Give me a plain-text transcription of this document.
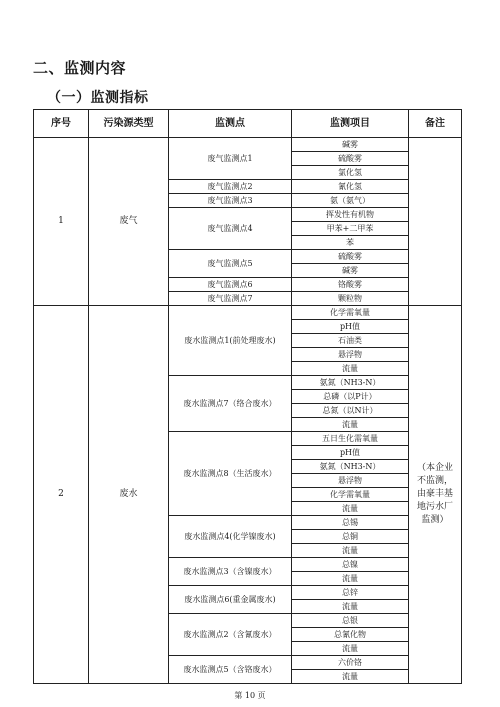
二、监测内容
（一）监测指标
序号	污染源类型	监测点	监测项目	备注
1	废气	废气监测点1	碱雾	
			硫酸雾	
			氯化氢	
		废气监测点2	氰化氢	
		废气监测点3	氨（氨气）	
		废气监测点4	挥发性有机物	
			甲苯+二甲苯	
			苯	
		废气监测点5	硫酸雾	
			碱雾	
		废气监测点6	铬酸雾	
		废气监测点7	颗粒物	
2	废水	废水监测点1(前处理废水)	化学需氧量	（本企业不监测，由豪丰基地污水厂监测）
			pH值	
			石油类	
			悬浮物	
			流量	
		废水监测点7（络合废水）	氨氮（NH3-N）	
			总磷（以P计）	
			总氮（以N计）	
			流量	
		废水监测点8（生活废水）	五日生化需氧量	
			pH值	
			氨氮（NH3-N）	
			悬浮物	
			化学需氧量	
			流量	
		废水监测点4(化学镍废水)	总锡	
			总铜	
			流量	
		废水监测点3（含镍废水）	总镍	
			流量	
		废水监测点6(重金属废水)	总锌	
			流量	
		废水监测点2（含氰废水）	总银	
			总氰化物	
			流量	
		废水监测点5（含铬废水）	六价铬	
			流量	
第 10 页
